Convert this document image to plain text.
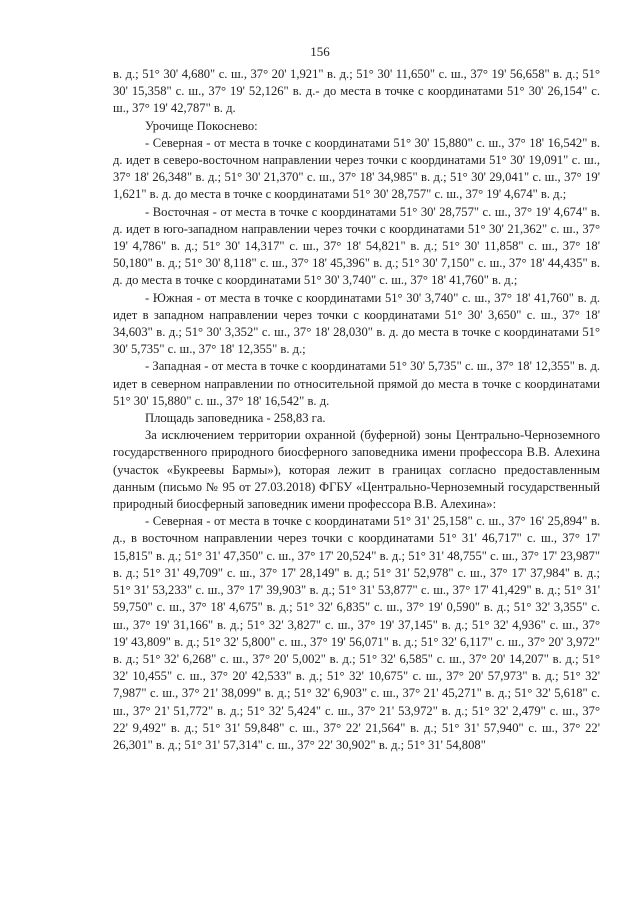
156

в. д.; 51° 30' 4,680" с. ш., 37° 20' 1,921" в. д.; 51° 30' 11,650" с. ш., 37° 19' 56,658" в. д.; 51° 30' 15,358" с. ш., 37° 19' 52,126" в. д.- до места в точке с координатами 51° 30' 26,154" с. ш., 37° 19' 42,787" в. д.

Урочище Покоснево:

- Северная - от места в точке с координатами 51° 30' 15,880" с. ш., 37° 18' 16,542" в. д. идет в северо-восточном направлении через точки с координатами 51° 30' 19,091" с. ш., 37° 18' 26,348" в. д.; 51° 30' 21,370" с. ш., 37° 18' 34,985" в. д.; 51° 30' 29,041" с. ш., 37° 19' 1,621" в. д. до места в точке с координатами 51° 30' 28,757" с. ш., 37° 19' 4,674" в. д.;

- Восточная - от места в точке с координатами 51° 30' 28,757" с. ш., 37° 19' 4,674" в. д. идет в юго-западном направлении через точки с координатами 51° 30' 21,362" с. ш., 37° 19' 4,786" в. д.; 51° 30' 14,317" с. ш., 37° 18' 54,821" в. д.; 51° 30' 11,858" с. ш., 37° 18' 50,180" в. д.; 51° 30' 8,118" с. ш., 37° 18' 45,396" в. д.; 51° 30' 7,150" с. ш., 37° 18' 44,435" в. д. до места в точке с координатами 51° 30' 3,740" с. ш., 37° 18' 41,760" в. д.;

- Южная - от места в точке с координатами 51° 30' 3,740" с. ш., 37° 18' 41,760" в. д. идет в западном направлении через точки с координатами 51° 30' 3,650" с. ш., 37° 18' 34,603" в. д.; 51° 30' 3,352" с. ш., 37° 18' 28,030" в. д. до места в точке с координатами 51° 30' 5,735" с. ш., 37° 18' 12,355" в. д.;

- Западная - от места в точке с координатами 51° 30' 5,735" с. ш., 37° 18' 12,355" в. д. идет в северном направлении по относительной прямой до места в точке с координатами 51° 30' 15,880" с. ш., 37° 18' 16,542" в. д.

Площадь заповедника - 258,83 га.

За исключением территории охранной (буферной) зоны Центрально-Черноземного государственного природного биосферного заповедника имени профессора В.В. Алехина (участок «Букреевы Бармы»), которая лежит в границах согласно предоставленным данным (письмо № 95 от 27.03.2018) ФГБУ «Центрально-Черноземный государственный природный биосферный заповедник имени профессора В.В. Алехина»:

- Северная - от места в точке с координатами 51° 31' 25,158" с. ш., 37° 16' 25,894" в. д., в восточном направлении через точки с координатами 51° 31' 46,717" с. ш., 37° 17' 15,815" в. д.; 51° 31' 47,350" с. ш., 37° 17' 20,524" в. д.; 51° 31' 48,755" с. ш., 37° 17' 23,987" в. д.; 51° 31' 49,709" с. ш., 37° 17' 28,149" в. д.; 51° 31' 52,978" с. ш., 37° 17' 37,984" в. д.; 51° 31' 53,233" с. ш., 37° 17' 39,903" в. д.; 51° 31' 53,877" с. ш., 37° 17' 41,429" в. д.; 51° 31' 59,750" с. ш., 37° 18' 4,675" в. д.; 51° 32' 6,835" с. ш., 37° 19' 0,590" в. д.; 51° 32' 3,355" с. ш., 37° 19' 31,166" в. д.; 51° 32' 3,827" с. ш., 37° 19' 37,145" в. д.; 51° 32' 4,936" с. ш., 37° 19' 43,809" в. д.; 51° 32' 5,800" с. ш., 37° 19' 56,071" в. д.; 51° 32' 6,117" с. ш., 37° 20' 3,972" в. д.; 51° 32' 6,268" с. ш., 37° 20' 5,002" в. д.; 51° 32' 6,585" с. ш., 37° 20' 14,207" в. д.; 51° 32' 10,455" с. ш., 37° 20' 42,533" в. д.; 51° 32' 10,675" с. ш., 37° 20' 57,973" в. д.; 51° 32' 7,987" с. ш., 37° 21' 38,099" в. д.; 51° 32' 6,903" с. ш., 37° 21' 45,271" в. д.; 51° 32' 5,618" с. ш., 37° 21' 51,772" в. д.; 51° 32' 5,424" с. ш., 37° 21' 53,972" в. д.; 51° 32' 2,479" с. ш., 37° 22' 9,492" в. д.; 51° 31' 59,848" с. ш., 37° 22' 21,564" в. д.; 51° 31' 57,940" с. ш., 37° 22' 26,301" в. д.; 51° 31' 57,314" с. ш., 37° 22' 30,902" в. д.; 51° 31' 54,808"
